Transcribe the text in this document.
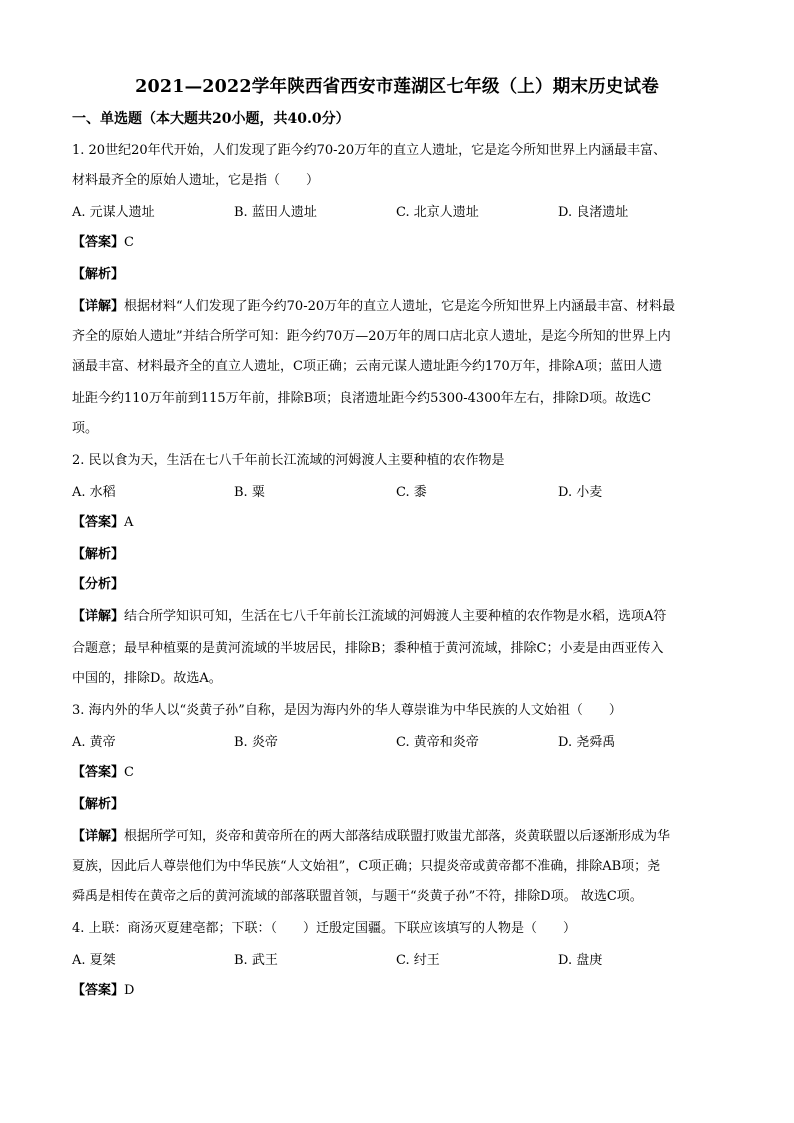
2021—2022学年陕西省西安市莲湖区七年级（上）期末历史试卷
一、单选题（本大题共20小题，共40.0分）
1. 20世纪20年代开始，人们发现了距今约70-20万年的直立人遗址，它是迄今所知世界上内涵最丰富、
材料最齐全的原始人遗址，它是指（　　）
A. 元谋人遗址	B. 蓝田人遗址	C. 北京人遗址	D. 良渚遗址
【答案】C
【解析】
【详解】根据材料“人们发现了距今约70-20万年的直立人遗址，它是迄今所知世界上内涵最丰富、材料最
齐全的原始人遗址”并结合所学可知：距今约70万—20万年的周口店北京人遗址，是迄今所知的世界上内
涵最丰富、材料最齐全的直立人遗址，C项正确；云南元谋人遗址距今约170万年，排除A项；蓝田人遗
址距今约110万年前到115万年前，排除B项；良渚遗址距今约5300-4300年左右，排除D项。故选C
项。
2. 民以食为天，生活在七八千年前长江流域的河姆渡人主要种植的农作物是
A. 水稻	B. 粟	C. 黍	D. 小麦
【答案】A
【解析】
【分析】
【详解】结合所学知识可知，生活在七八千年前长江流域的河姆渡人主要种植的农作物是水稻，选项A符
合题意；最早种植粟的是黄河流域的半坡居民，排除B；黍种植于黄河流域，排除C；小麦是由西亚传入
中国的，排除D。故选A。
3. 海内外的华人以“炎黄子孙”自称，是因为海内外的华人尊崇谁为中华民族的人文始祖（　　）
A. 黄帝	B. 炎帝	C. 黄帝和炎帝	D. 尧舜禹
【答案】C
【解析】
【详解】根据所学可知，炎帝和黄帝所在的两大部落结成联盟打败蚩尤部落，炎黄联盟以后逐渐形成为华
夏族，因此后人尊崇他们为中华民族“人文始祖”，C项正确；只提炎帝或黄帝都不准确，排除AB项；尧
舜禹是相传在黄帝之后的黄河流域的部落联盟首领，与题干“炎黄子孙”不符，排除D项。 故选C项。
4. 上联：商汤灭夏建亳都；下联：（　　）迁殷定国疆。下联应该填写的人物是（　　）
A. 夏桀	B. 武王	C. 纣王	D. 盘庚
【答案】D
